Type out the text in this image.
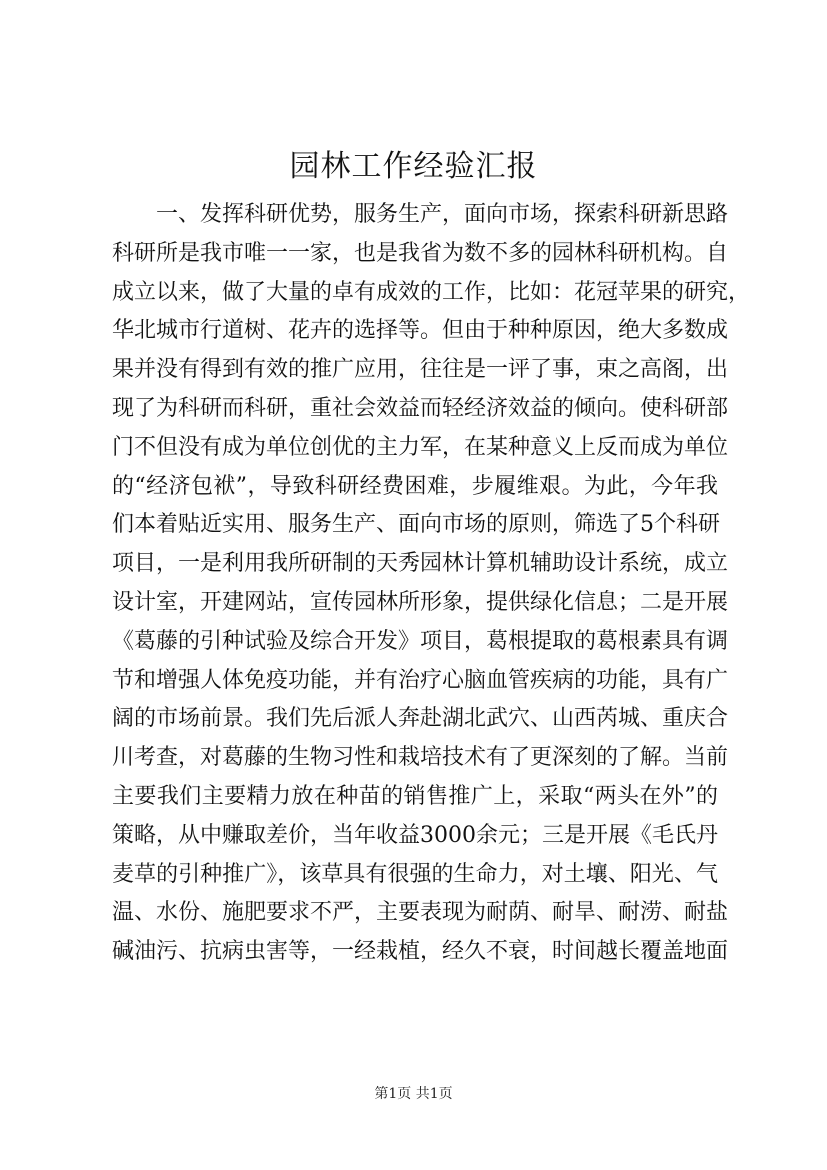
园林工作经验汇报
一、发挥科研优势，服务生产，面向市场，探索科研新思路
科研所是我市唯一一家，也是我省为数不多的园林科研机构。自
成立以来，做了大量的卓有成效的工作，比如：花冠苹果的研究，
华北城市行道树、花卉的选择等。但由于种种原因，绝大多数成
果并没有得到有效的推广应用，往往是一评了事，束之高阁，出
现了为科研而科研，重社会效益而轻经济效益的倾向。使科研部
门不但没有成为单位创优的主力军，在某种意义上反而成为单位
的“经济包袱”，导致科研经费困难，步履维艰。为此，今年我
们本着贴近实用、服务生产、面向市场的原则，筛选了5个科研
项目，一是利用我所研制的天秀园林计算机辅助设计系统，成立
设计室，开建网站，宣传园林所形象，提供绿化信息；二是开展
《葛藤的引种试验及综合开发》项目，葛根提取的葛根素具有调
节和增强人体免疫功能，并有治疗心脑血管疾病的功能，具有广
阔的市场前景。我们先后派人奔赴湖北武穴、山西芮城、重庆合
川考查，对葛藤的生物习性和栽培技术有了更深刻的了解。当前
主要我们主要精力放在种苗的销售推广上，采取“两头在外”的
策略，从中赚取差价，当年收益3000余元；三是开展《毛氏丹
麦草的引种推广》，该草具有很强的生命力，对土壤、阳光、气
温、水份、施肥要求不严，主要表现为耐荫、耐旱、耐涝、耐盐
碱油污、抗病虫害等，一经栽植，经久不衰，时间越长覆盖地面
第1页 共1页
